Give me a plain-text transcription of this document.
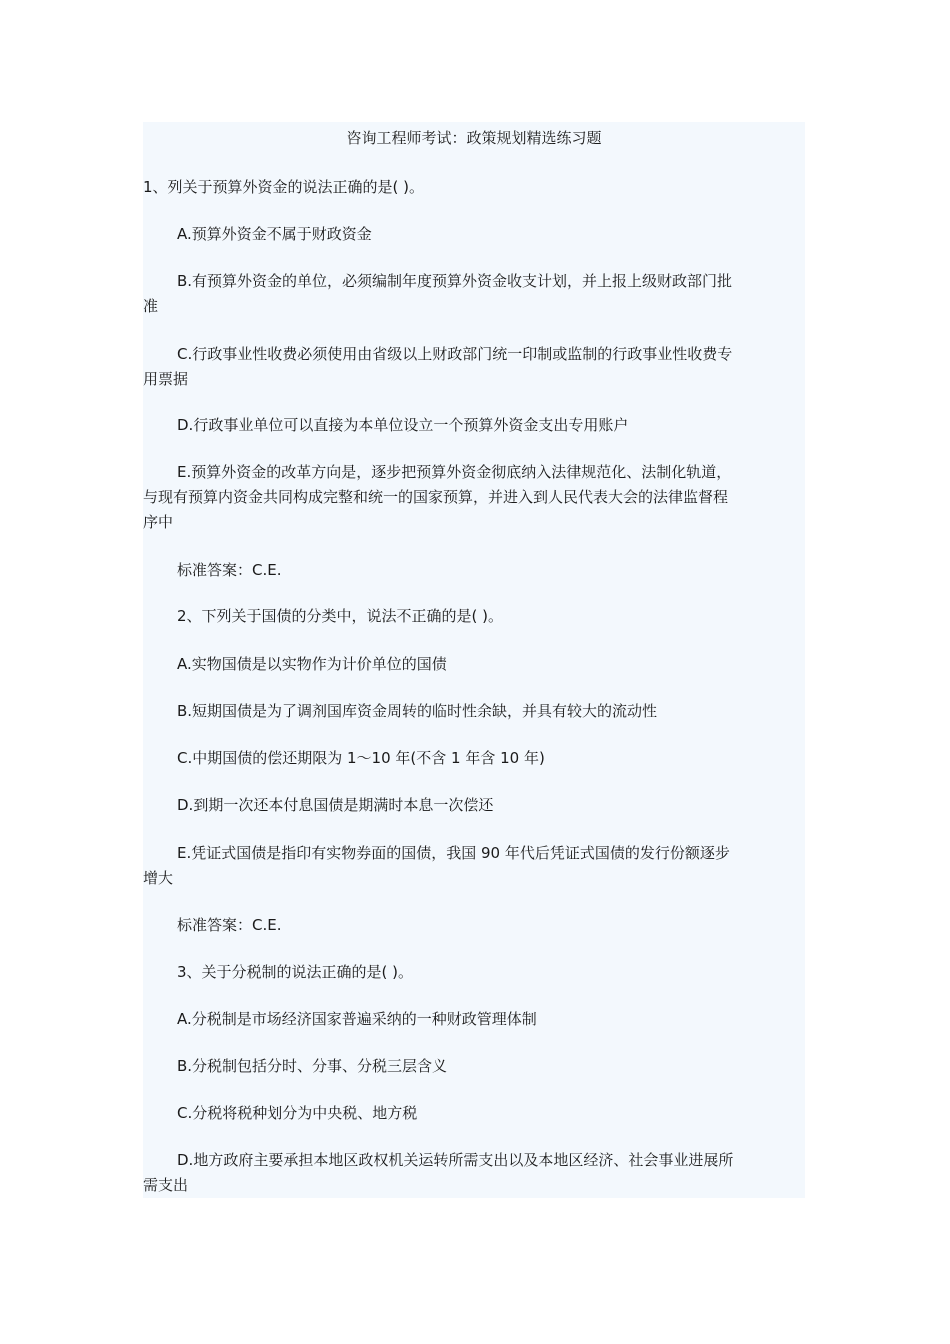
咨询工程师考试：政策规划精选练习题
1、列关于预算外资金的说法正确的是( )。
A.预算外资金不属于财政资金
B.有预算外资金的单位，必须编制年度预算外资金收支计划，并上报上级财政部门批
准
C.行政事业性收费必须使用由省级以上财政部门统一印制或监制的行政事业性收费专
用票据
D.行政事业单位可以直接为本单位设立一个预算外资金支出专用账户
E.预算外资金的改革方向是，逐步把预算外资金彻底纳入法律规范化、法制化轨道，
与现有预算内资金共同构成完整和统一的国家预算，并进入到人民代表大会的法律监督程
序中
标准答案：C.E.
2、下列关于国债的分类中，说法不正确的是( )。
A.实物国债是以实物作为计价单位的国债
B.短期国债是为了调剂国库资金周转的临时性余缺，并具有较大的流动性
C.中期国债的偿还期限为 1～10 年(不含 1 年含 10 年)
D.到期一次还本付息国债是期满时本息一次偿还
E.凭证式国债是指印有实物券面的国债，我国 90 年代后凭证式国债的发行份额逐步
增大
标准答案：C.E.
3、关于分税制的说法正确的是( )。
A.分税制是市场经济国家普遍采纳的一种财政管理体制
B.分税制包括分时、分事、分税三层含义
C.分税将税种划分为中央税、地方税
D.地方政府主要承担本地区政权机关运转所需支出以及本地区经济、社会事业进展所
需支出
